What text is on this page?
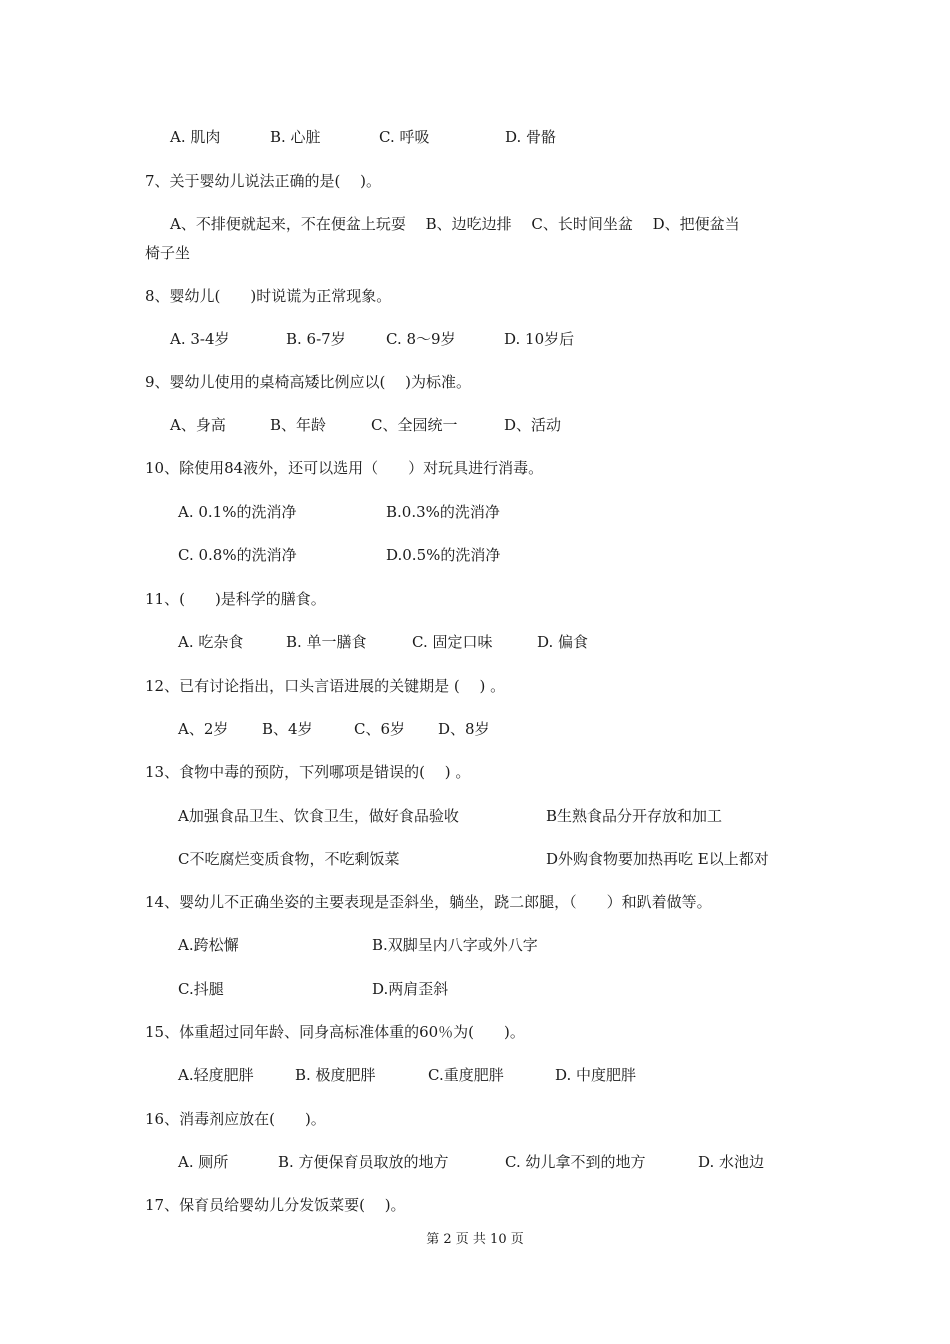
A. 肌肉	B. 心脏	C. 呼吸	D. 骨骼
7、关于婴幼儿说法正确的是(　 )。
A、不排便就起来，不在便盆上玩耍　 B、边吃边排　 C、长时间坐盆　 D、把便盆当
椅子坐
8、婴幼儿(　　)时说谎为正常现象。
A. 3-4岁	B. 6-7岁	C. 8～9岁	D. 10岁后
9、婴幼儿使用的桌椅高矮比例应以(　 )为标准。
A、身高	B、年龄	C、全园统一	D、活动
10、除使用84液外，还可以选用（　　）对玩具进行消毒。
A. 0.1%的洗消净	B.0.3%的洗消净
C. 0.8%的洗消净	D.0.5%的洗消净
11、(　　)是科学的膳食。
A. 吃杂食	B. 单一膳食	C. 固定口味	D. 偏食
12、已有讨论指出，口头言语进展的关键期是 (　 ) 。
A、2岁 B、4岁	C、6岁 D、8岁
13、食物中毒的预防，下列哪项是错误的(　 ) 。
A加强食品卫生、饮食卫生，做好食品验收	B生熟食品分开存放和加工
C不吃腐烂变质食物，不吃剩饭菜	D外购食物要加热再吃 E以上都对
14、婴幼儿不正确坐姿的主要表现是歪斜坐，躺坐，跷二郎腿，（　　）和趴着做等。
A.跨松懈	B.双脚呈内八字或外八字
C.抖腿	D.两肩歪斜
15、体重超过同年龄、同身高标准体重的60％为(　　)。
A.轻度肥胖	B. 极度肥胖	C.重度肥胖	D. 中度肥胖
16、消毒剂应放在(　　)。
A. 厕所	B. 方便保育员取放的地方	C. 幼儿拿不到的地方	D. 水池边
17、保育员给婴幼儿分发饭菜要(　 )。
第 2 页 共 10 页
